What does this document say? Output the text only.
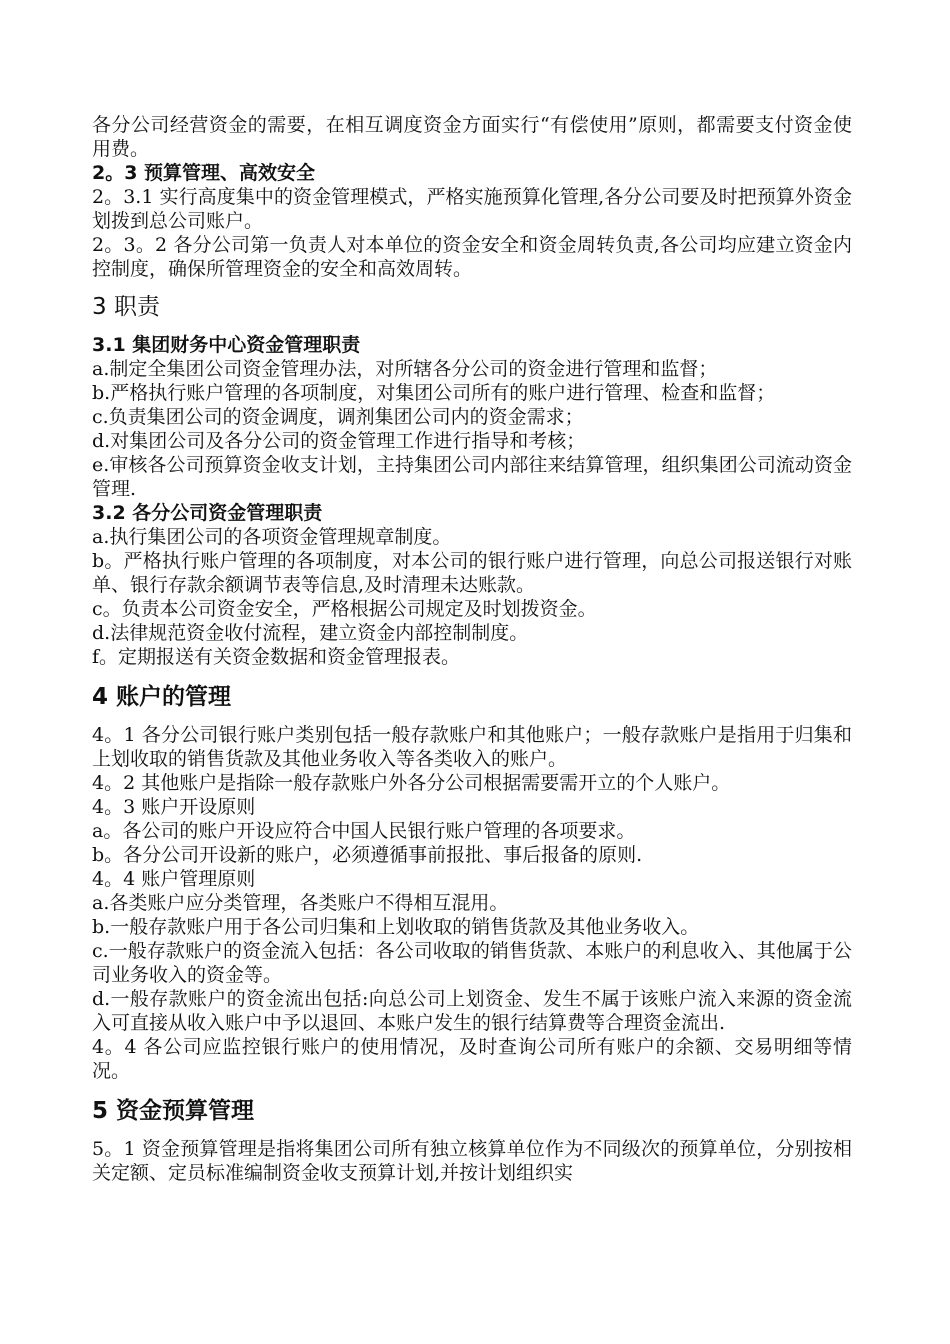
各分公司经营资金的需要，在相互调度资金方面实行“有偿使用”原则，都需要支付资金使用费。

2。3 预算管理、高效安全

2。3.1 实行高度集中的资金管理模式，严格实施预算化管理,各分公司要及时把预算外资金划拨到总公司账户。

2。3。2 各分公司第一负责人对本单位的资金安全和资金周转负责,各公司均应建立资金内控制度，确保所管理资金的安全和高效周转。

3 职责

3.1 集团财务中心资金管理职责

a.制定全集团公司资金管理办法，对所辖各分公司的资金进行管理和监督；

b.严格执行账户管理的各项制度，对集团公司所有的账户进行管理、检查和监督；

c.负责集团公司的资金调度，调剂集团公司内的资金需求；

d.对集团公司及各分公司的资金管理工作进行指导和考核；

e.审核各公司预算资金收支计划，主持集团公司内部往来结算管理，组织集团公司流动资金管理.

3.2 各分公司资金管理职责

a.执行集团公司的各项资金管理规章制度。

b。严格执行账户管理的各项制度，对本公司的银行账户进行管理，向总公司报送银行对账单、银行存款余额调节表等信息,及时清理未达账款。

c。负责本公司资金安全，严格根据公司规定及时划拨资金。

d.法律规范资金收付流程，建立资金内部控制制度。

f。定期报送有关资金数据和资金管理报表。

4 账户的管理

4。1 各分公司银行账户类别包括一般存款账户和其他账户；一般存款账户是指用于归集和上划收取的销售货款及其他业务收入等各类收入的账户。

4。2 其他账户是指除一般存款账户外各分公司根据需要需开立的个人账户。

4。3 账户开设原则

a。各公司的账户开设应符合中国人民银行账户管理的各项要求。

b。各分公司开设新的账户，必须遵循事前报批、事后报备的原则.

4。4 账户管理原则

a.各类账户应分类管理，各类账户不得相互混用。

b.一般存款账户用于各公司归集和上划收取的销售货款及其他业务收入。

c.一般存款账户的资金流入包括：各公司收取的销售货款、本账户的利息收入、其他属于公司业务收入的资金等。

d.一般存款账户的资金流出包括:向总公司上划资金、发生不属于该账户流入来源的资金流入可直接从收入账户中予以退回、本账户发生的银行结算费等合理资金流出.

4。4 各公司应监控银行账户的使用情况，及时查询公司所有账户的余额、交易明细等情况。

5 资金预算管理

5。1 资金预算管理是指将集团公司所有独立核算单位作为不同级次的预算单位，分别按相关定额、定员标准编制资金收支预算计划,并按计划组织实
